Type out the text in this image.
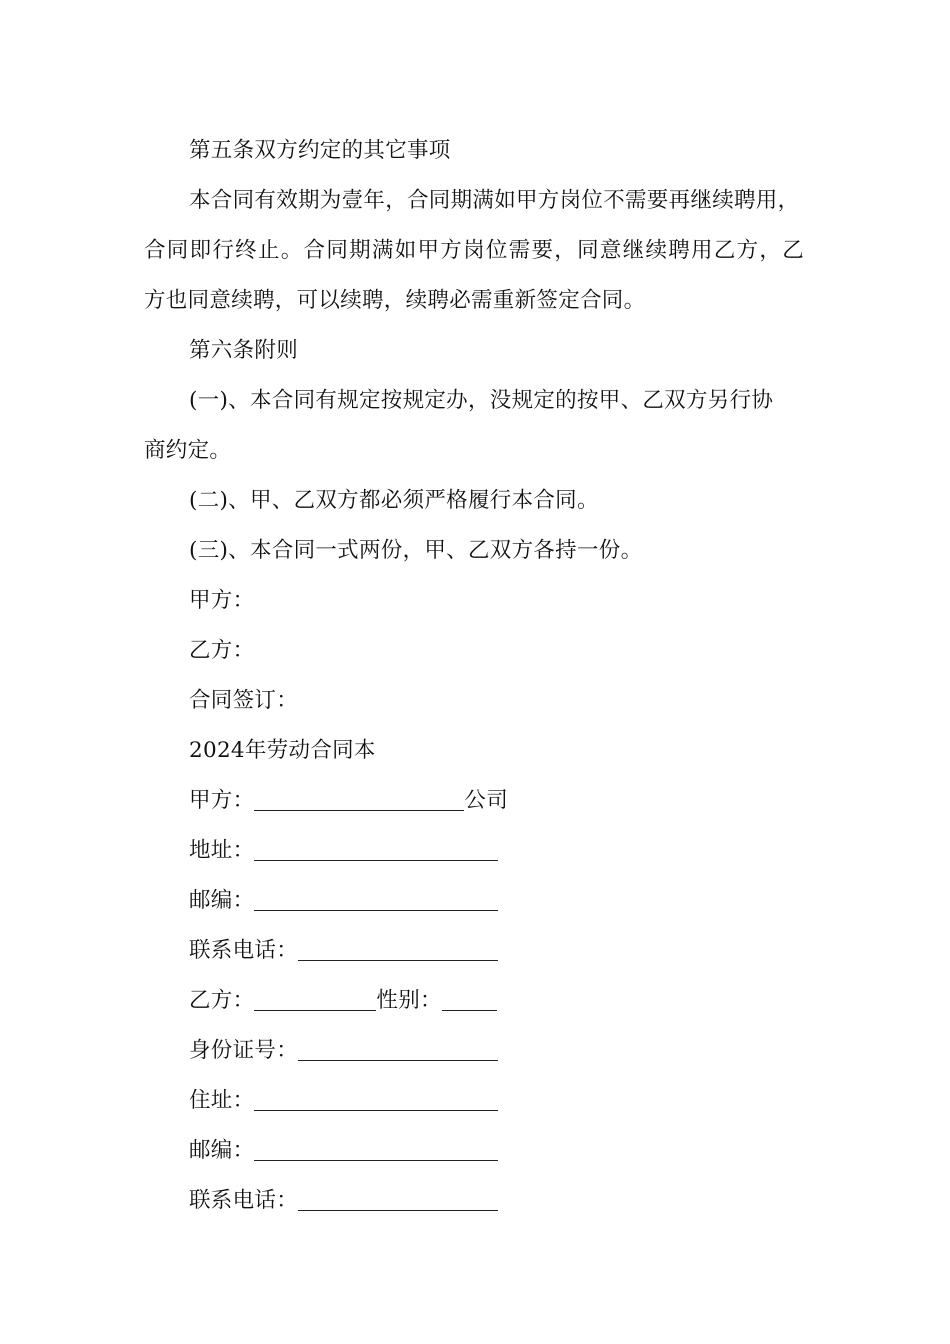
第五条双方约定的其它事项
本合同有效期为壹年，合同期满如甲方岗位不需要再继续聘用，
合同即行终止。合同期满如甲方岗位需要，同意继续聘用乙方，乙
方也同意续聘，可以续聘，续聘必需重新签定合同。
第六条附则
(一)、本合同有规定按规定办，没规定的按甲、乙双方另行协
商约定。
(二)、甲、乙双方都必须严格履行本合同。
(三)、本合同一式两份，甲、乙双方各持一份。
甲方：
乙方：
合同签订：
2024年劳动合同本
甲方：	公司
地址：
邮编：
联系电话：
乙方：	性别：
身份证号：
住址：
邮编：
联系电话：
